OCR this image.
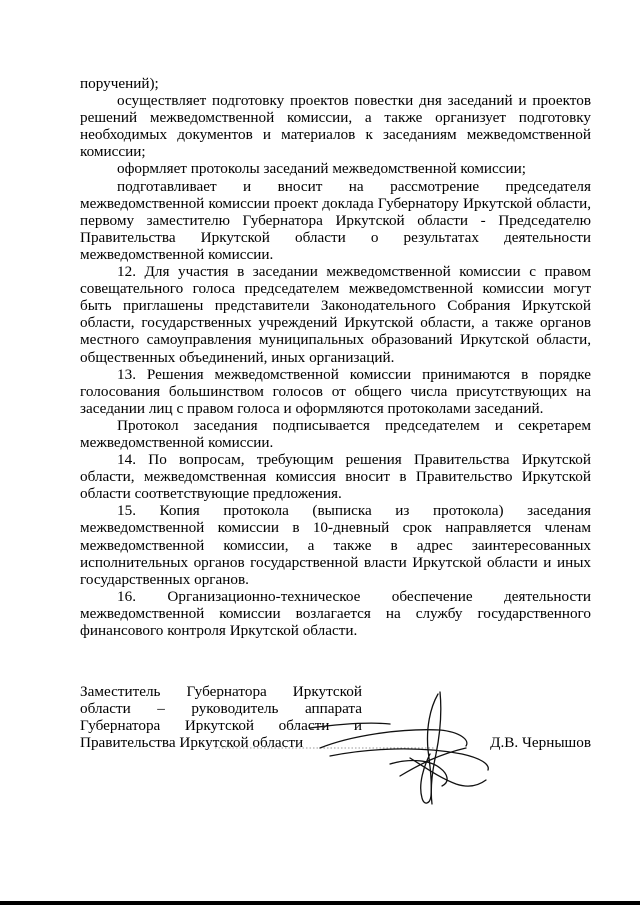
поручений);

осуществляет подготовку проектов повестки дня заседаний и проектов решений межведомственной комиссии, а также организует подготовку необходимых документов и материалов к заседаниям межведомственной комиссии;

оформляет протоколы заседаний межведомственной комиссии;

подготавливает и вносит на рассмотрение председателя межведомственной комиссии проект доклада Губернатору Иркутской области, первому заместителю Губернатора Иркутской области - Председателю Правительства Иркутской области о результатах деятельности межведомственной комиссии.

12. Для участия в заседании межведомственной комиссии с правом совещательного голоса председателем межведомственной комиссии могут быть приглашены представители Законодательного Собрания Иркутской области, государственных учреждений Иркутской области, а также органов местного самоуправления муниципальных образований Иркутской области, общественных объединений, иных организаций.

13. Решения межведомственной комиссии принимаются в порядке голосования большинством голосов от общего числа присутствующих на заседании лиц с правом голоса и оформляются протоколами заседаний.

Протокол заседания подписывается председателем и секретарем межведомственной комиссии.

14. По вопросам, требующим решения Правительства Иркутской области, межведомственная комиссия вносит в Правительство Иркутской области соответствующие предложения.

15. Копия протокола (выписка из протокола) заседания межведомственной комиссии в 10-дневный срок направляется членам межведомственной комиссии, а также в адрес заинтересованных исполнительных органов государственной власти Иркутской области и иных государственных органов.

16. Организационно-техническое обеспечение деятельности межведомственной комиссии возлагается на службу государственного финансового контроля Иркутской области.

Заместитель Губернатора Иркутской
области – руководитель аппарата
Губернатора Иркутской области и
Правительства Иркутской области	Д.В. Чернышов
